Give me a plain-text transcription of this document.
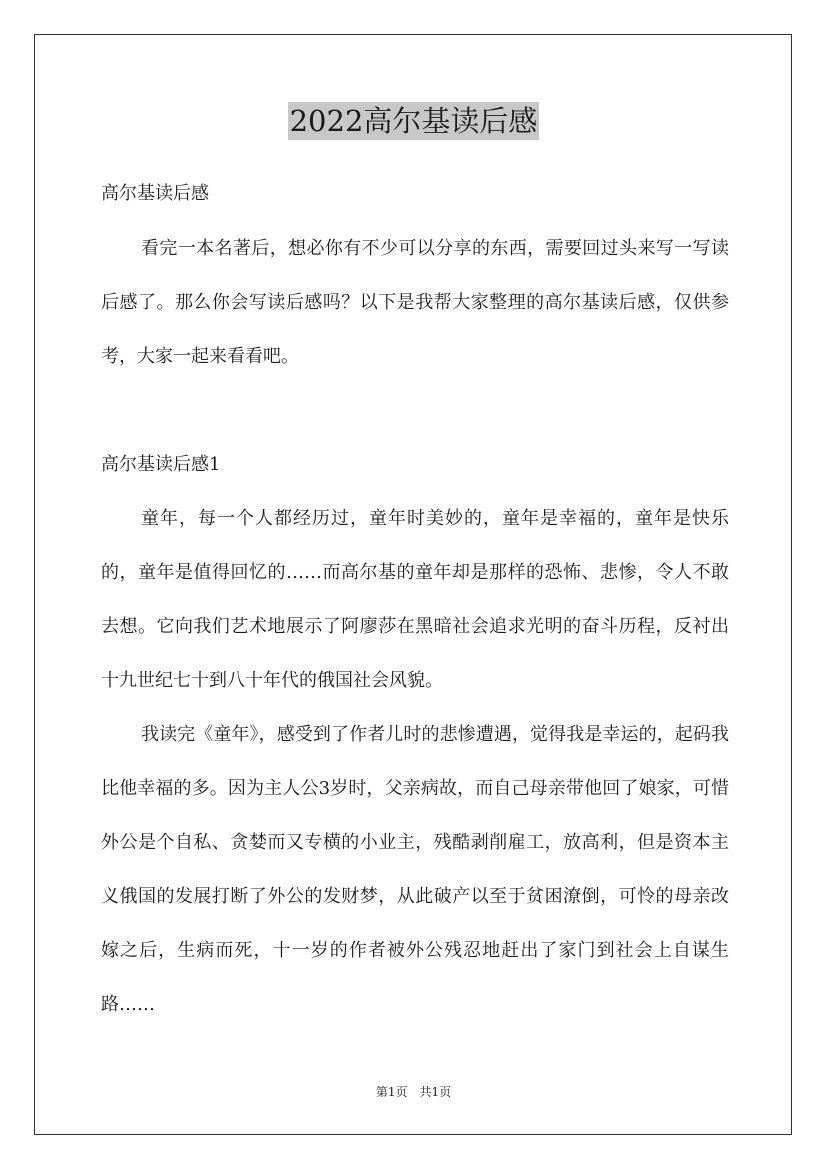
2022高尔基读后感
高尔基读后感

看完一本名著后，想必你有不少可以分享的东西，需要回过头来写一写读后感了。那么你会写读后感吗？以下是我帮大家整理的高尔基读后感，仅供参考，大家一起来看看吧。

高尔基读后感1

童年，每一个人都经历过，童年时美妙的，童年是幸福的，童年是快乐的，童年是值得回忆的……而高尔基的童年却是那样的恐怖、悲惨，令人不敢去想。它向我们艺术地展示了阿廖莎在黑暗社会追求光明的奋斗历程，反衬出十九世纪七十到八十年代的俄国社会风貌。

我读完《童年》，感受到了作者儿时的悲惨遭遇，觉得我是幸运的，起码我比他幸福的多。因为主人公3岁时，父亲病故，而自己母亲带他回了娘家，可惜外公是个自私、贪婪而又专横的小业主，残酷剥削雇工，放高利，但是资本主义俄国的发展打断了外公的发财梦，从此破产以至于贫困潦倒，可怜的母亲改嫁之后，生病而死，十一岁的作者被外公残忍地赶出了家门到社会上自谋生路……

第1页　共1页
